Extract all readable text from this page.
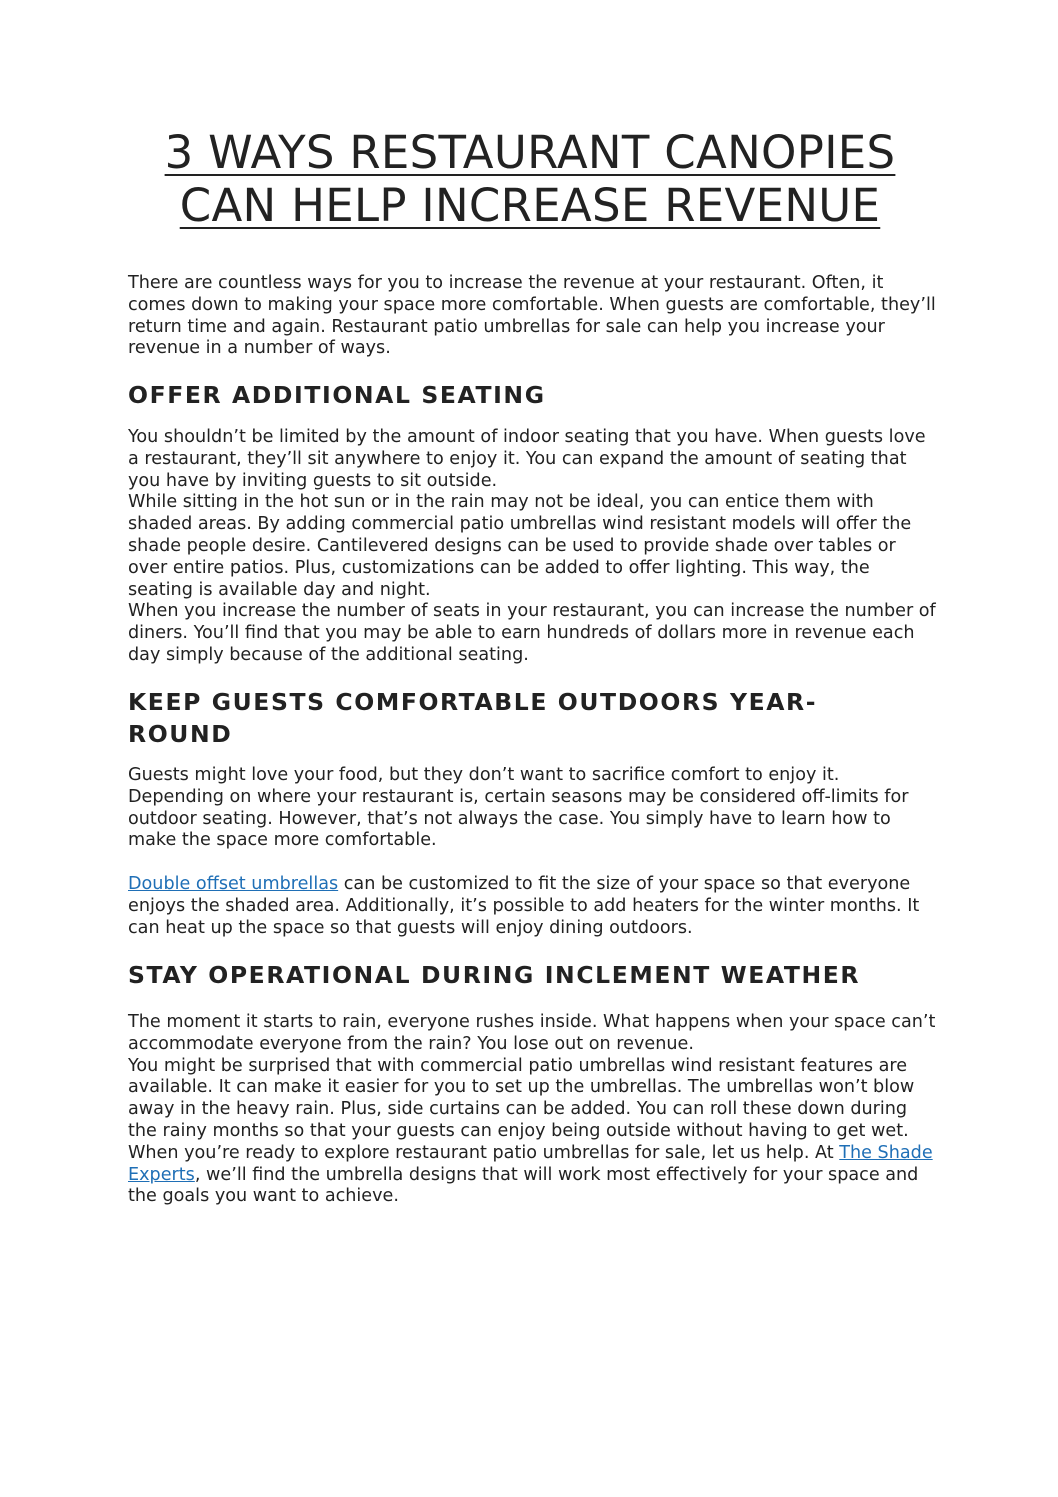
3 WAYS RESTAURANT CANOPIES CAN HELP INCREASE REVENUE

There are countless ways for you to increase the revenue at your restaurant. Often, it comes down to making your space more comfortable. When guests are comfortable, they’ll return time and again. Restaurant patio umbrellas for sale can help you increase your revenue in a number of ways.

OFFER ADDITIONAL SEATING

You shouldn’t be limited by the amount of indoor seating that you have. When guests love a restaurant, they’ll sit anywhere to enjoy it. You can expand the amount of seating that you have by inviting guests to sit outside.

While sitting in the hot sun or in the rain may not be ideal, you can entice them with shaded areas. By adding commercial patio umbrellas wind resistant models will offer the shade people desire. Cantilevered designs can be used to provide shade over tables or over entire patios. Plus, customizations can be added to offer lighting. This way, the seating is available day and night.

When you increase the number of seats in your restaurant, you can increase the number of diners. You’ll find that you may be able to earn hundreds of dollars more in revenue each day simply because of the additional seating.

KEEP GUESTS COMFORTABLE OUTDOORS YEAR-ROUND

Guests might love your food, but they don’t want to sacrifice comfort to enjoy it. Depending on where your restaurant is, certain seasons may be considered off-limits for outdoor seating. However, that’s not always the case. You simply have to learn how to make the space more comfortable.

Double offset umbrellas can be customized to fit the size of your space so that everyone enjoys the shaded area. Additionally, it’s possible to add heaters for the winter months. It can heat up the space so that guests will enjoy dining outdoors.

STAY OPERATIONAL DURING INCLEMENT WEATHER

The moment it starts to rain, everyone rushes inside. What happens when your space can’t accommodate everyone from the rain? You lose out on revenue.

You might be surprised that with commercial patio umbrellas wind resistant features are available. It can make it easier for you to set up the umbrellas. The umbrellas won’t blow away in the heavy rain. Plus, side curtains can be added. You can roll these down during the rainy months so that your guests can enjoy being outside without having to get wet.

When you’re ready to explore restaurant patio umbrellas for sale, let us help. At The Shade Experts, we’ll find the umbrella designs that will work most effectively for your space and the goals you want to achieve.
